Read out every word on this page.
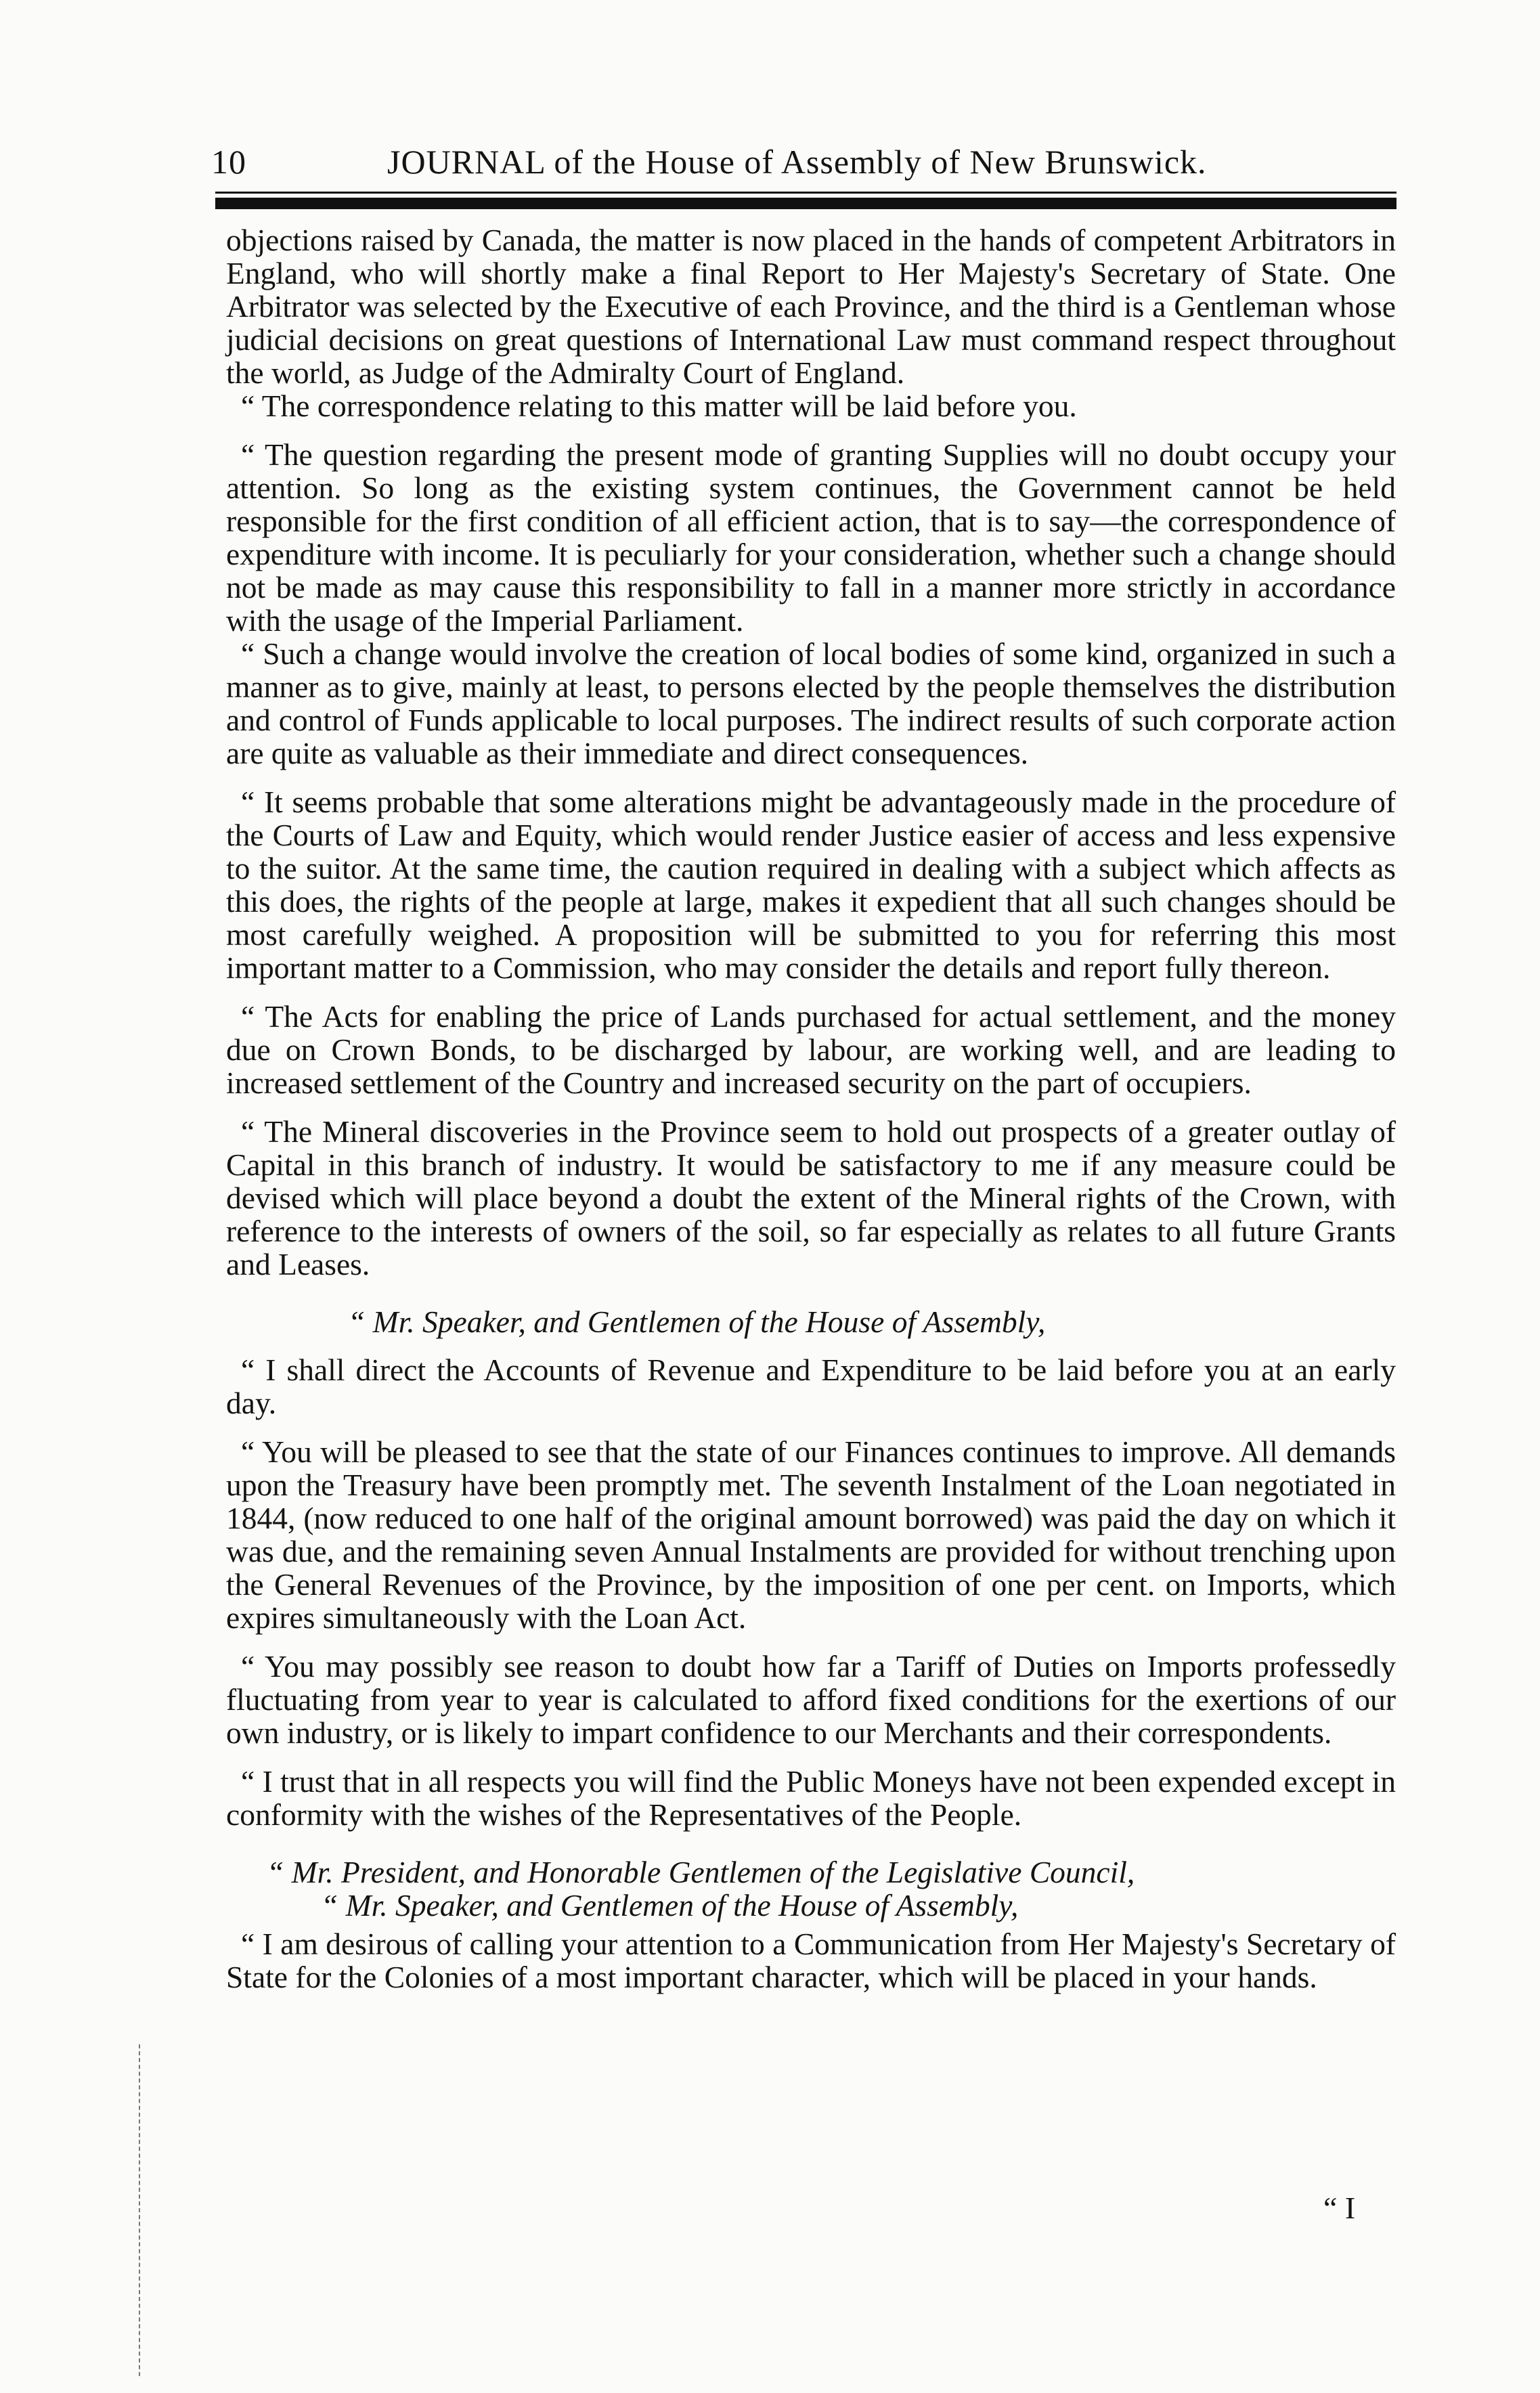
10	JOURNAL of the House of Assembly of New Brunswick.

objections raised by Canada, the matter is now placed in the hands of competent Arbitrators in England, who will shortly make a final Report to Her Majesty's Secretary of State. One Arbitrator was selected by the Executive of each Province, and the third is a Gentleman whose judicial decisions on great questions of International Law must command respect throughout the world, as Judge of the Admiralty Court of England.

“ The correspondence relating to this matter will be laid before you.

“ The question regarding the present mode of granting Supplies will no doubt occupy your attention. So long as the existing system continues, the Government cannot be held responsible for the first condition of all efficient action, that is to say—the correspondence of expenditure with income. It is peculiarly for your consideration, whether such a change should not be made as may cause this responsibility to fall in a manner more strictly in accordance with the usage of the Imperial Parliament.

“ Such a change would involve the creation of local bodies of some kind, organized in such a manner as to give, mainly at least, to persons elected by the people themselves the distribution and control of Funds applicable to local purposes. The indirect results of such corporate action are quite as valuable as their immediate and direct consequences.

“ It seems probable that some alterations might be advantageously made in the procedure of the Courts of Law and Equity, which would render Justice easier of access and less expensive to the suitor. At the same time, the caution required in dealing with a subject which affects as this does, the rights of the people at large, makes it expedient that all such changes should be most carefully weighed. A proposition will be submitted to you for referring this most important matter to a Commission, who may consider the details and report fully thereon.

“ The Acts for enabling the price of Lands purchased for actual settlement, and the money due on Crown Bonds, to be discharged by labour, are working well, and are leading to increased settlement of the Country and increased security on the part of occupiers.

“ The Mineral discoveries in the Province seem to hold out prospects of a greater outlay of Capital in this branch of industry. It would be satisfactory to me if any measure could be devised which will place beyond a doubt the extent of the Mineral rights of the Crown, with reference to the interests of owners of the soil, so far especially as relates to all future Grants and Leases.

“ Mr. Speaker, and Gentlemen of the House of Assembly,

“ I shall direct the Accounts of Revenue and Expenditure to be laid before you at an early day.

“ You will be pleased to see that the state of our Finances continues to improve. All demands upon the Treasury have been promptly met. The seventh Instalment of the Loan negotiated in 1844, (now reduced to one half of the original amount borrowed) was paid the day on which it was due, and the remaining seven Annual Instalments are provided for without trenching upon the General Revenues of the Province, by the imposition of one per cent. on Imports, which expires simultaneously with the Loan Act.

“ You may possibly see reason to doubt how far a Tariff of Duties on Imports professedly fluctuating from year to year is calculated to afford fixed conditions for the exertions of our own industry, or is likely to impart confidence to our Merchants and their correspondents.

“ I trust that in all respects you will find the Public Moneys have not been expended except in conformity with the wishes of the Representatives of the People.

“ Mr. President, and Honorable Gentlemen of the Legislative Council,

“ Mr. Speaker, and Gentlemen of the House of Assembly,

“ I am desirous of calling your attention to a Communication from Her Majesty's Secretary of State for the Colonies of a most important character, which will be placed in your hands.

“ I
